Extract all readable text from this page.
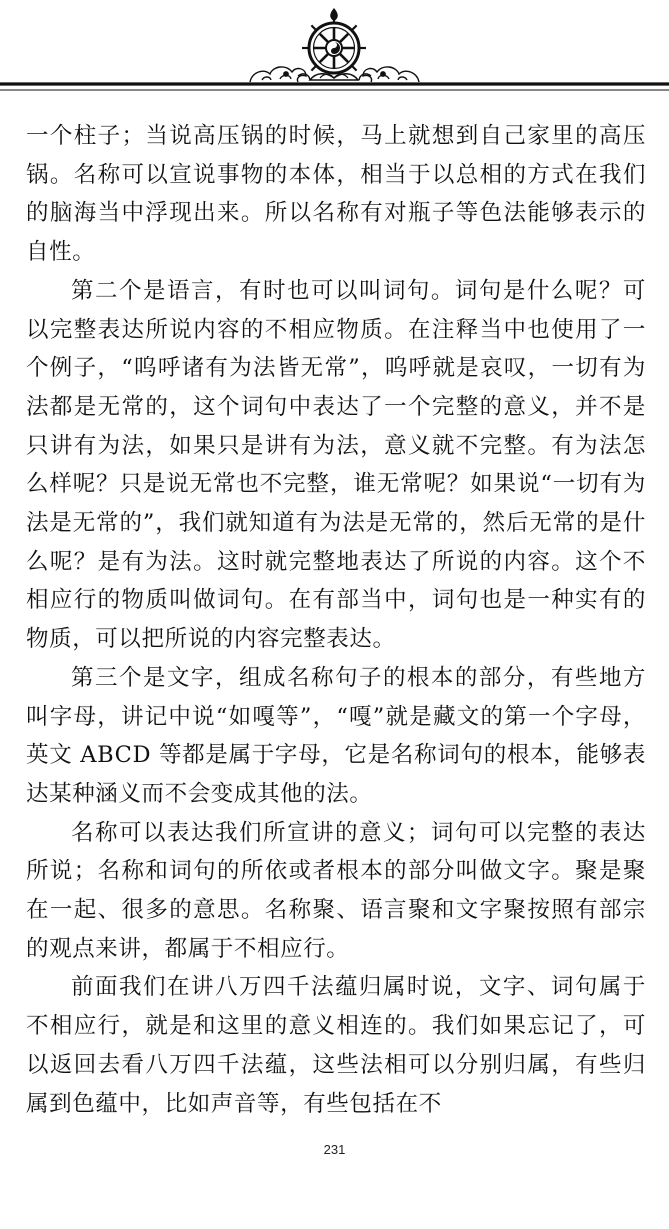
一个柱子；当说高压锅的时候，马上就想到自己家里的高压锅。名称可以宣说事物的本体，相当于以总相的方式在我们的脑海当中浮现出来。所以名称有对瓶子等色法能够表示的自性。

第二个是语言，有时也可以叫词句。词句是什么呢？可以完整表达所说内容的不相应物质。在注释当中也使用了一个例子，“呜呼诸有为法皆无常”，呜呼就是哀叹，一切有为法都是无常的，这个词句中表达了一个完整的意义，并不是只讲有为法，如果只是讲有为法，意义就不完整。有为法怎么样呢？只是说无常也不完整，谁无常呢？如果说“一切有为法是无常的”，我们就知道有为法是无常的，然后无常的是什么呢？是有为法。这时就完整地表达了所说的内容。这个不相应行的物质叫做词句。在有部当中，词句也是一种实有的物质，可以把所说的内容完整表达。

第三个是文字，组成名称句子的根本的部分，有些地方叫字母，讲记中说“如嘎等”，“嘎”就是藏文的第一个字母，英文 ABCD 等都是属于字母，它是名称词句的根本，能够表达某种涵义而不会变成其他的法。

名称可以表达我们所宣讲的意义；词句可以完整的表达所说；名称和词句的所依或者根本的部分叫做文字。聚是聚在一起、很多的意思。名称聚、语言聚和文字聚按照有部宗的观点来讲，都属于不相应行。

前面我们在讲八万四千法蕴归属时说，文字、词句属于不相应行，就是和这里的意义相连的。我们如果忘记了，可以返回去看八万四千法蕴，这些法相可以分别归属，有些归属到色蕴中，比如声音等，有些包括在不

231
